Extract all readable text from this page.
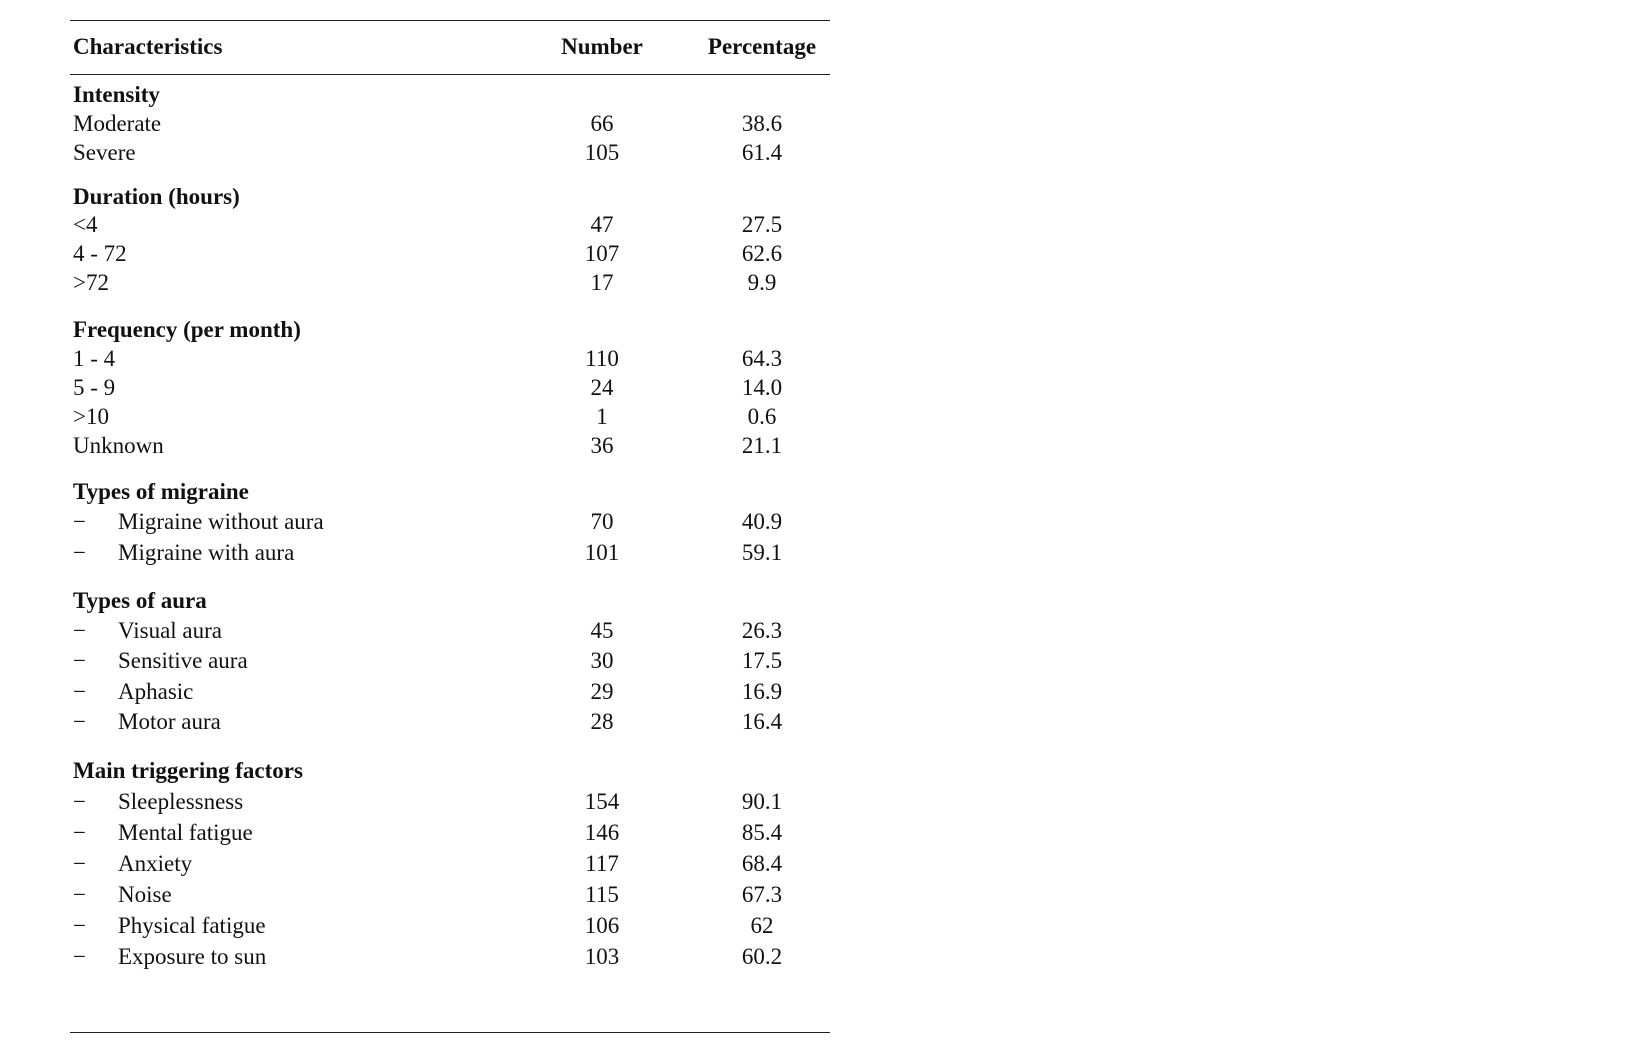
Characteristics	Number	Percentage
Intensity
Moderate	66	38.6
Severe	105	61.4
Duration (hours)
<4	47	27.5
4 - 72	107	62.6
>72	17	9.9
Frequency (per month)
1 - 4	110	64.3
5 - 9	24	14.0
>10	1	0.6
Unknown	36	21.1
Types of migraine
−	Migraine without aura	70	40.9
−	Migraine with aura	101	59.1
Types of aura
−	Visual aura	45	26.3
−	Sensitive aura	30	17.5
−	Aphasic	29	16.9
−	Motor aura	28	16.4
Main triggering factors
−	Sleeplessness	154	90.1
−	Mental fatigue	146	85.4
−	Anxiety	117	68.4
−	Noise	115	67.3
−	Physical fatigue	106	62
−	Exposure to sun	103	60.2
